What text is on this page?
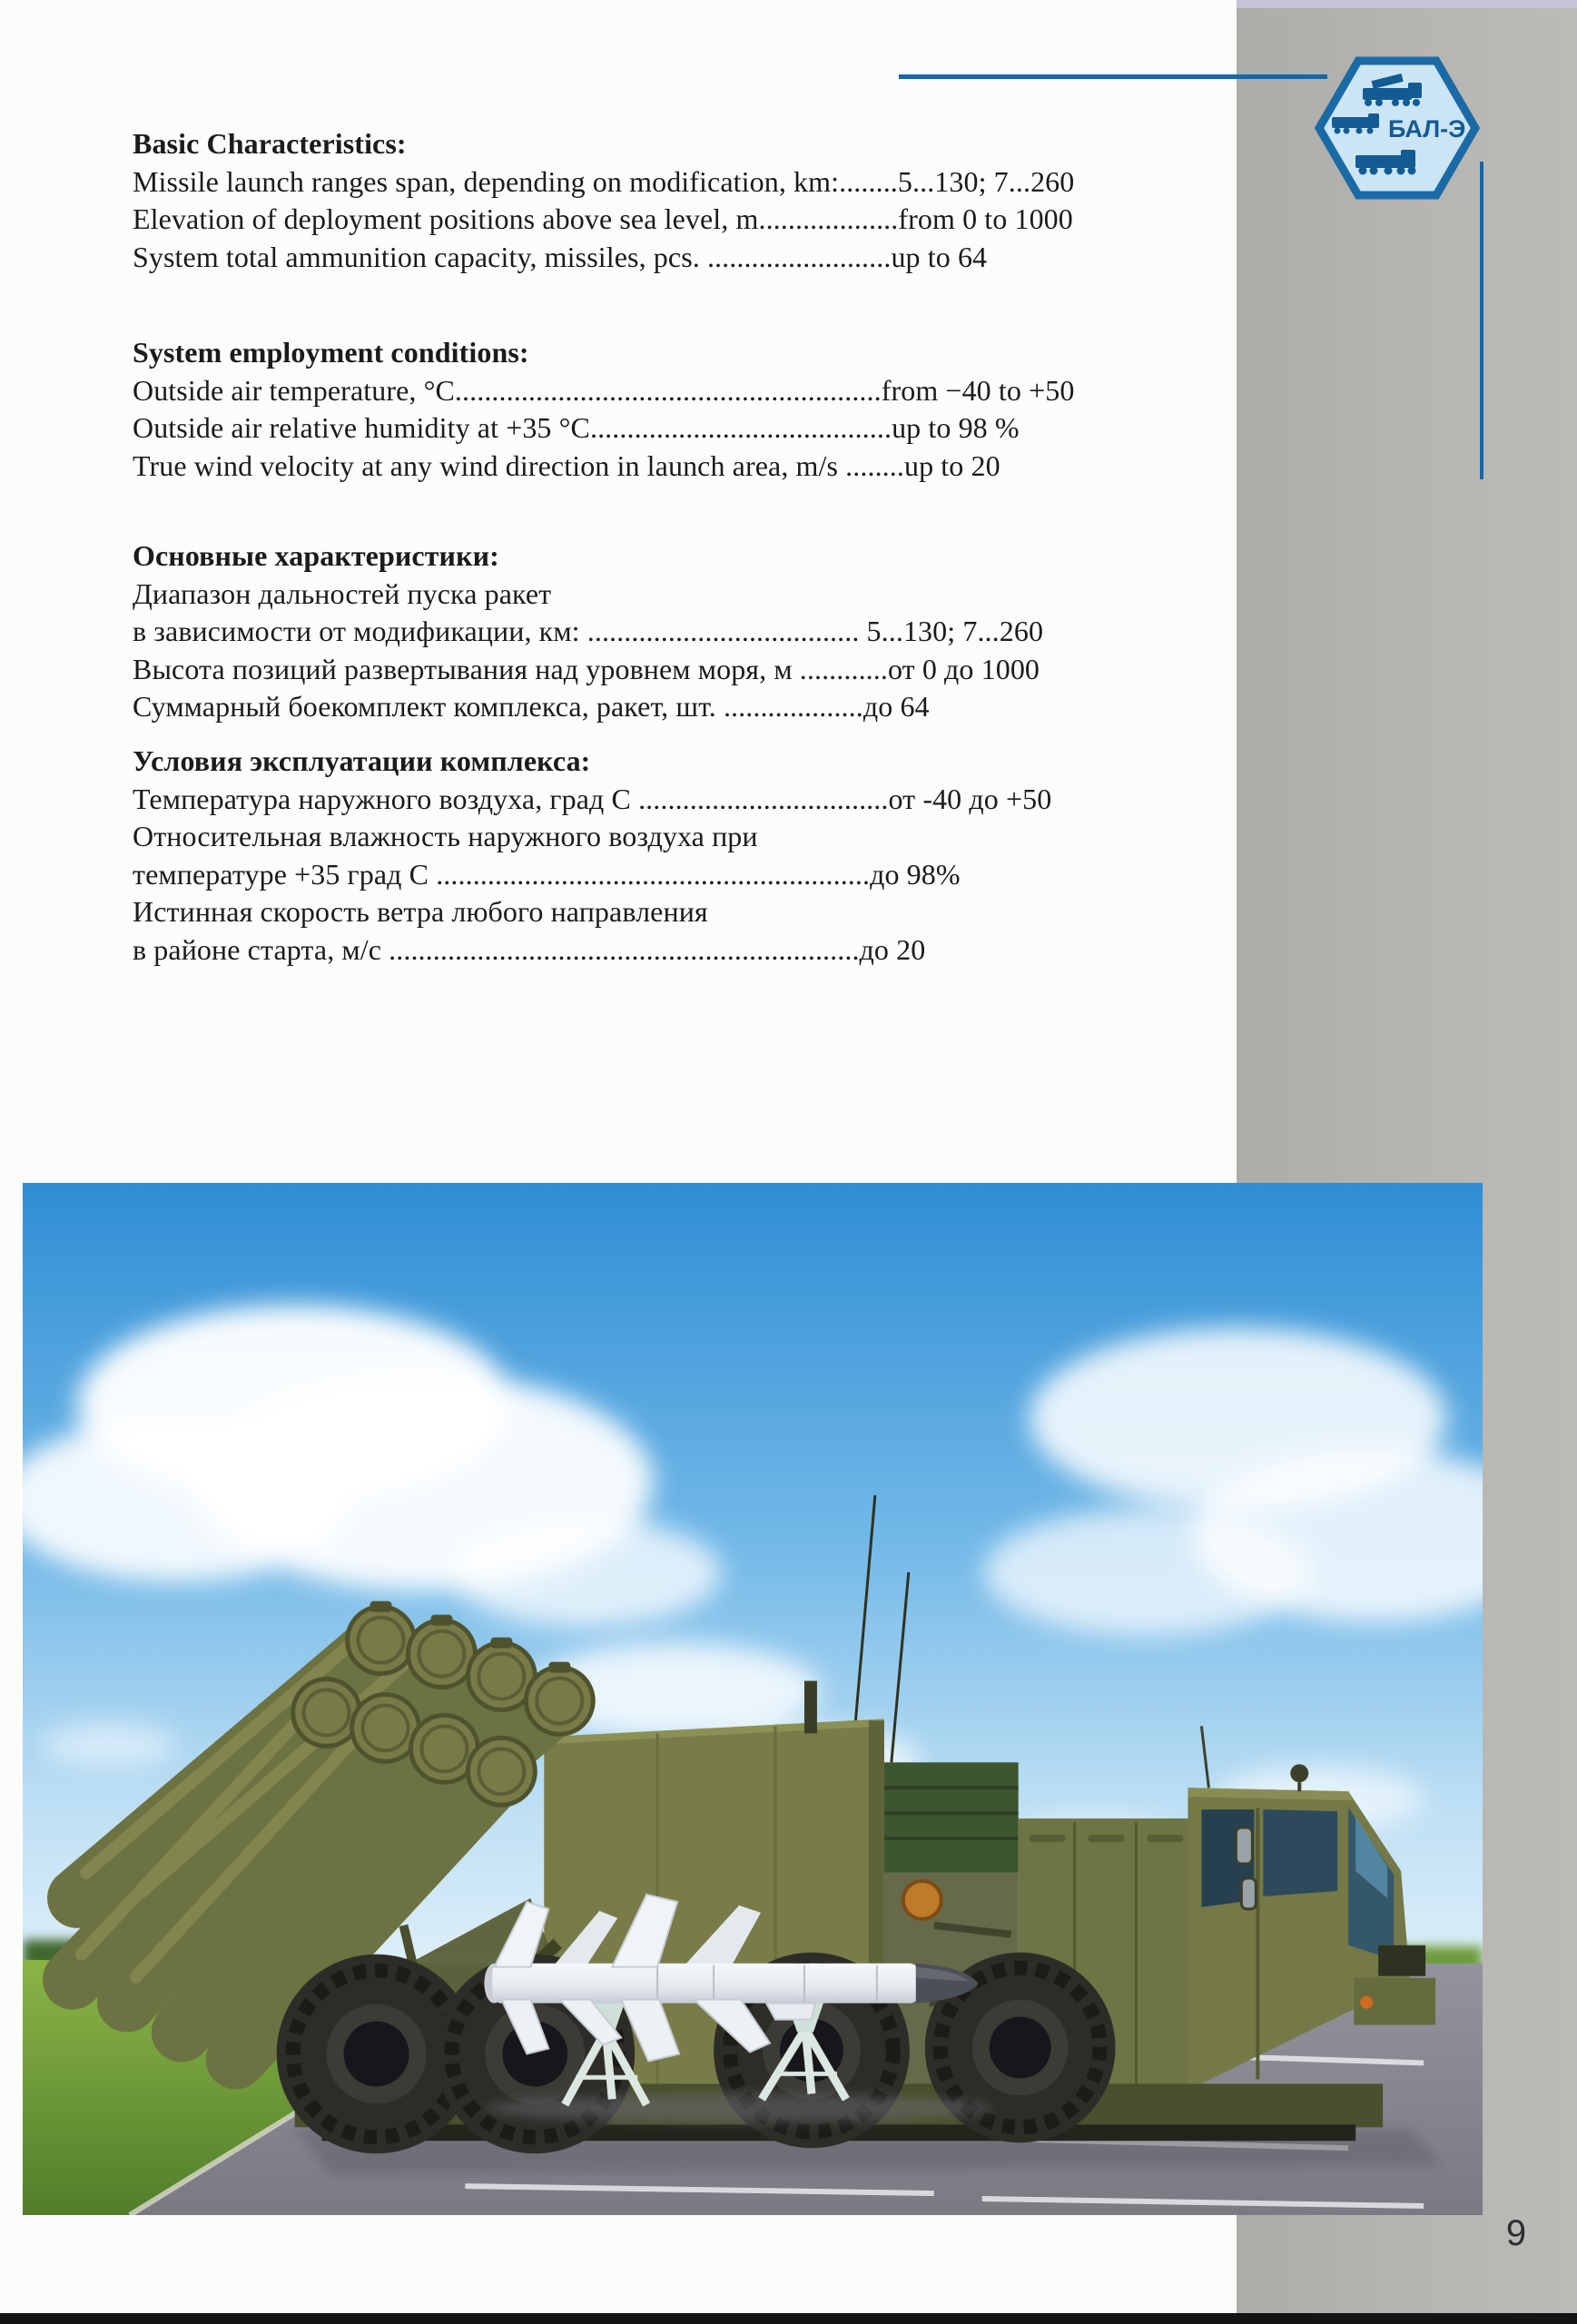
БАЛ-Э
Basic Characteristics:
Missile launch ranges span, depending on modification, km:........5...130; 7...260
Elevation of deployment positions above sea level, m...................from 0 to 1000
System total ammunition capacity, missiles, pcs. .........................up to 64
System employment conditions:
Outside air temperature, °C..........................................................from −40 to +50
Outside air relative humidity at +35 °C.........................................up to 98 %
True wind velocity at any wind direction in launch area, m/s ........up to 20
Основные характеристики:
Диапазон дальностей пуска ракет
в зависимости от модификации, км: ..................................... 5...130; 7...260
Высота позиций развертывания над уровнем моря, м ............от 0 до 1000
Суммарный боекомплект комплекса, ракет, шт. ...................до 64
Условия эксплуатации комплекса:
Температура наружного воздуха, град С ..................................от -40 до +50
Относительная влажность наружного воздуха при
температуре +35 град С ...........................................................до 98%
Истинная скорость ветра любого направления
в районе старта, м/с ................................................................до 20
9
